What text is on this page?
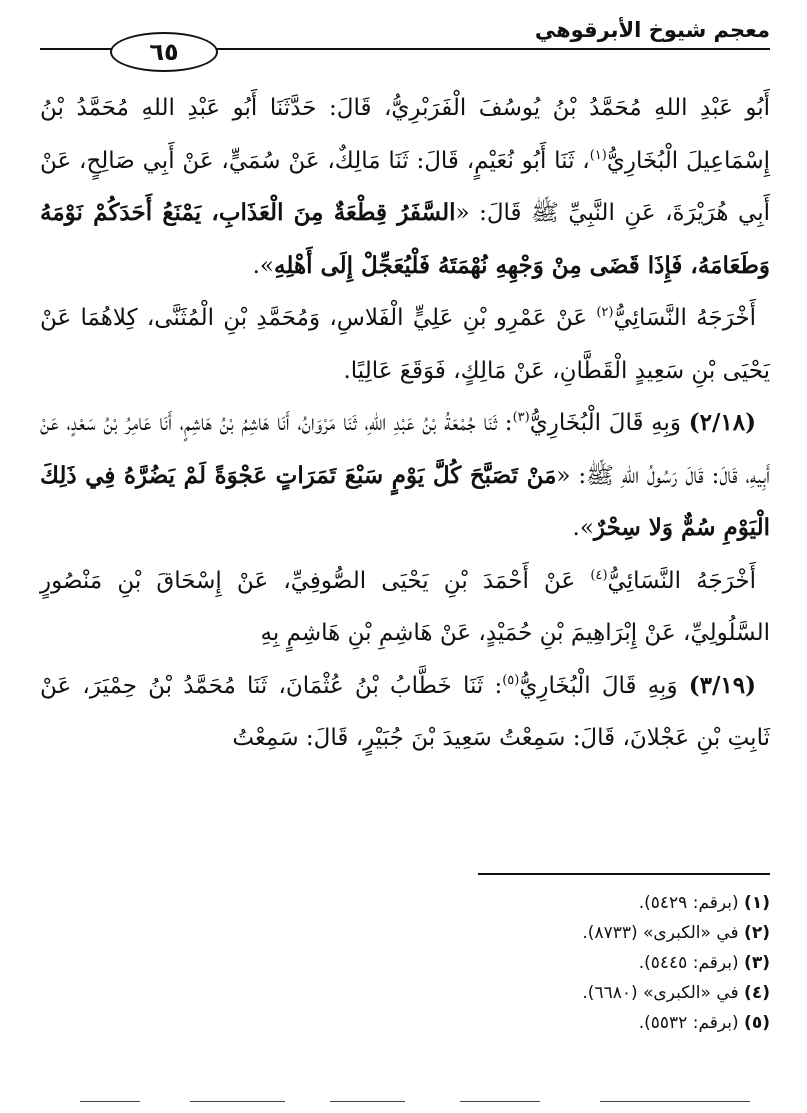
معجم شيوخ الأبرقوهي
٦٥

أَبُو عَبْدِ اللهِ مُحَمَّدُ بْنُ يُوسُفَ الْفَرَبْرِيُّ، قَالَ: حَدَّثَنَا أَبُو عَبْدِ اللهِ مُحَمَّدُ بْنُ إِسْمَاعِيلَ الْبُخَارِيُّ$^{(١)}$، ثَنَا أَبُو نُعَيْمٍ، قَالَ: ثَنَا مَالِكٌ، عَنْ سُمَيٍّ، عَنْ أَبِي صَالِحٍ، عَنْ أَبِي هُرَيْرَةَ، عَنِ النَّبِيِّ ﷺ قَالَ: «السَّفَرُ قِطْعَةٌ مِنَ الْعَذَابِ، يَمْنَعُ أَحَدَكُمْ نَوْمَهُ وَطَعَامَهُ، فَإِذَا قَضَى مِنْ وَجْهِهِ نُهْمَتَهُ فَلْيُعَجِّلْ إِلَى أَهْلِهِ».

أَخْرَجَهُ النَّسَائِيُّ$^{(٢)}$ عَنْ عَمْرِو بْنِ عَلِيٍّ الْفَلاسِ، وَمُحَمَّدِ بْنِ الْمُثَنَّى، كِلاهُمَا عَنْ يَحْيَى بْنِ سَعِيدٍ الْقَطَّانِ، عَنْ مَالِكٍ، فَوَقَعَ عَالِيًا.

(٢/١٨) وَبِهِ قَالَ الْبُخَارِيُّ$^{(٣)}$: ثَنَا جُمْعَةُ بْنُ عَبْدِ اللهِ، ثَنَا مَرْوَانُ، أَنَا هَاشِمُ بْنُ هَاشِمٍ، أَنَا عَامِرُ بْنُ سَعْدٍ، عَنْ أَبِيهِ، قَالَ: قَالَ رَسُولُ اللهِ ﷺ: «مَنْ تَصَبَّحَ كُلَّ يَوْمٍ سَبْعَ تَمَرَاتٍ عَجْوَةً لَمْ يَضُرَّهُ فِي ذَلِكَ الْيَوْمِ سُمٌّ وَلا سِحْرٌ».

أَخْرَجَهُ النَّسَائِيُّ$^{(٤)}$ عَنْ أَحْمَدَ بْنِ يَحْيَى الصُّوفِيِّ، عَنْ إِسْحَاقَ بْنِ مَنْصُورٍ السَّلُولِيِّ، عَنْ إِبْرَاهِيمَ بْنِ حُمَيْدٍ، عَنْ هَاشِمِ بْنِ هَاشِمٍ بِهِ

(٣/١٩) وَبِهِ قَالَ الْبُخَارِيُّ$^{(٥)}$: ثَنَا خَطَّابُ بْنُ عُثْمَانَ، ثَنَا مُحَمَّدُ بْنُ حِمْيَرَ، عَنْ ثَابِتِ بْنِ عَجْلانَ، قَالَ: سَمِعْتُ سَعِيدَ بْنَ جُبَيْرٍ، قَالَ: سَمِعْتُ

(١) (برقم: ٥٤٢٩).
(٢) في «الكبرى» (٨٧٣٣).
(٣) (برقم: ٥٤٤٥).
(٤) في «الكبرى» (٦٦٨٠).
(٥) (برقم: ٥٥٣٢).
